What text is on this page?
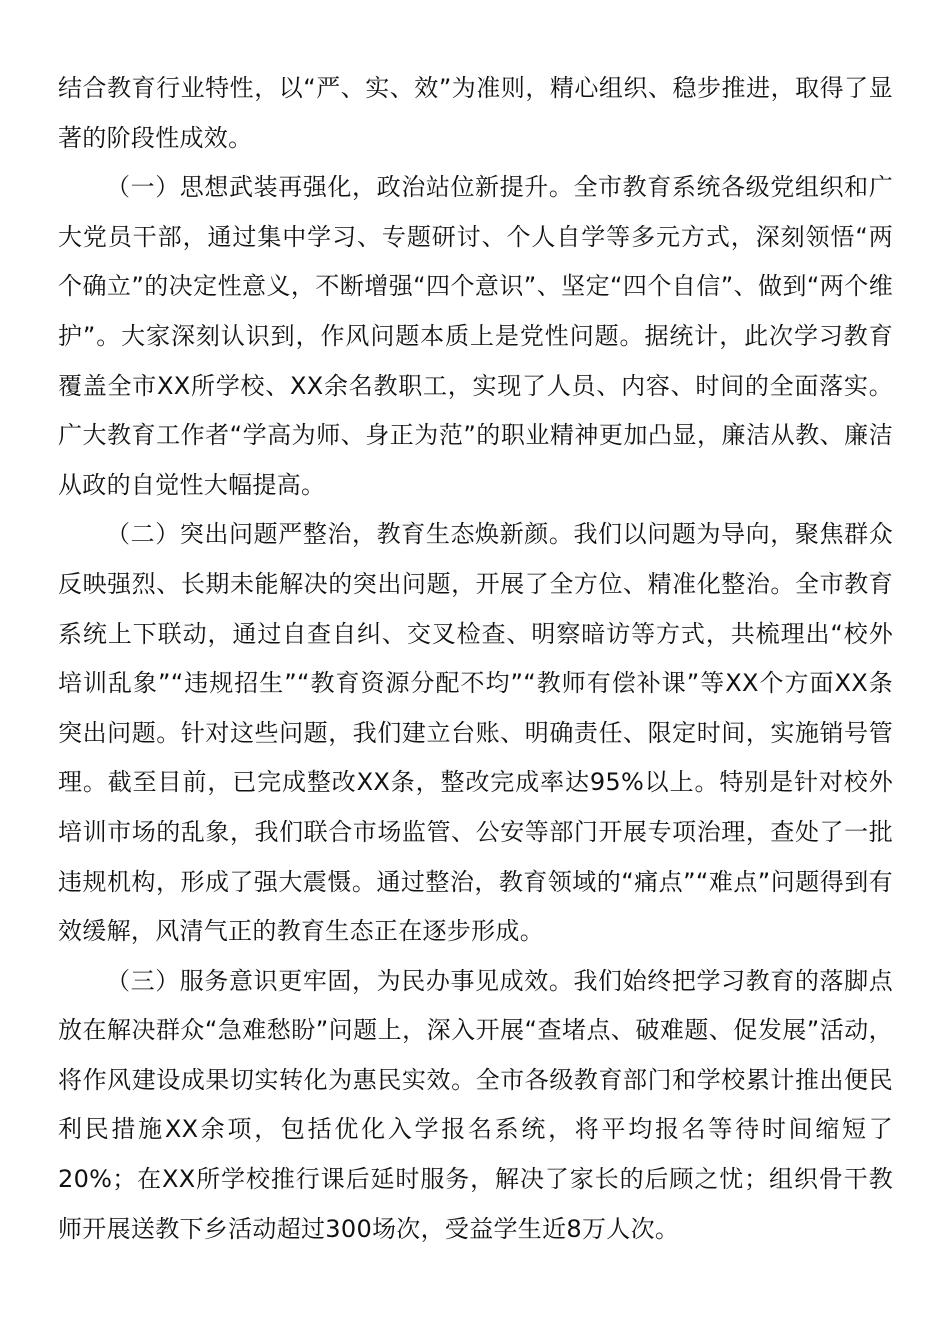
结合教育行业特性，以“严、实、效”为准则，精心组织、稳步推进，取得了显著的阶段性成效。

（一）思想武装再强化，政治站位新提升。全市教育系统各级党组织和广大党员干部，通过集中学习、专题研讨、个人自学等多元方式，深刻领悟“两个确立”的决定性意义，不断增强“四个意识”、坚定“四个自信”、做到“两个维护”。大家深刻认识到，作风问题本质上是党性问题。据统计，此次学习教育覆盖全市XX所学校、XX余名教职工，实现了人员、内容、时间的全面落实。广大教育工作者“学高为师、身正为范”的职业精神更加凸显，廉洁从教、廉洁从政的自觉性大幅提高。

（二）突出问题严整治，教育生态焕新颜。我们以问题为导向，聚焦群众反映强烈、长期未能解决的突出问题，开展了全方位、精准化整治。全市教育系统上下联动，通过自查自纠、交叉检查、明察暗访等方式，共梳理出“校外培训乱象”“违规招生”“教育资源分配不均”“教师有偿补课”等XX个方面XX条突出问题。针对这些问题，我们建立台账、明确责任、限定时间，实施销号管理。截至目前，已完成整改XX条，整改完成率达95%以上。特别是针对校外培训市场的乱象，我们联合市场监管、公安等部门开展专项治理，查处了一批违规机构，形成了强大震慑。通过整治，教育领域的“痛点”“难点”问题得到有效缓解，风清气正的教育生态正在逐步形成。

（三）服务意识更牢固，为民办事见成效。我们始终把学习教育的落脚点放在解决群众“急难愁盼”问题上，深入开展“查堵点、破难题、促发展”活动，将作风建设成果切实转化为惠民实效。全市各级教育部门和学校累计推出便民利民措施XX余项，包括优化入学报名系统，将平均报名等待时间缩短了20%；在XX所学校推行课后延时服务，解决了家长的后顾之忧；组织骨干教师开展送教下乡活动超过300场次，受益学生近8万人次。
